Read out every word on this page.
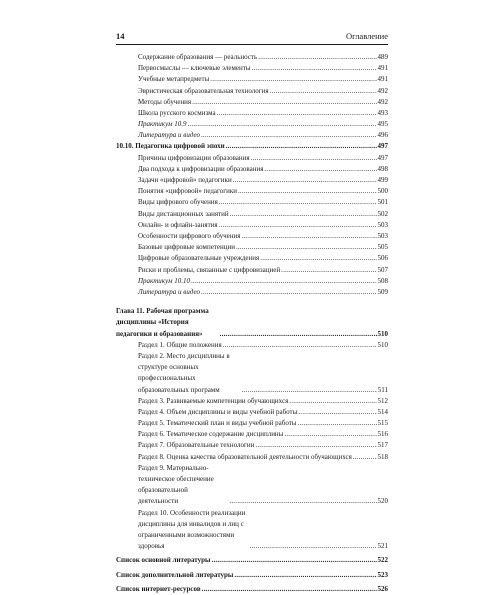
14	Оглавление
Содержание образования — реальность .....	489
Первосмыслы — ключевые элементы .....	491
Учебные метапредметы .....	491
Эвристическая образовательная технология .....	492
Методы обучения .....	492
Школа русского космизма .....	493
Практикум 10.9 .....	495
Литература и видео .....	496
10.10. Педагогика цифровой эпохи .....	497
Причины цифровизации образования .....	497
Два подхода к цифровизации образования .....	498
Задачи «цифровой» педагогики .....	499
Понятия «цифровой» педагогики .....	500
Виды цифрового обучения .....	501
Виды дистанционных занятий .....	502
Онлайн- и офлайн-занятия .....	503
Особенности цифрового обучения .....	503
Базовые цифровые компетенции .....	505
Цифровые образовательные учреждения .....	506
Риски и проблемы, связанные с цифровизацией .....	507
Практикум 10.10 .....	508
Литература и видео .....	509
Глава 11. Рабочая программа дисциплины «История педагогики и образования» .....	510
Раздел 1. Общие положения .....	510
Раздел 2. Место дисциплины в структуре основных профессиональных образовательных программ .....	511
Раздел 3. Развиваемые компетенции обучающихся .....	512
Раздел 4. Объем дисциплины и виды учебной работы .....	514
Раздел 5. Тематический план и виды учебной работы .....	515
Раздел 6. Тематическое содержание дисциплины .....	516
Раздел 7. Образовательные технологии .....	517
Раздел 8. Оценка качества образовательной деятельности обучающихся .....	518
Раздел 9. Материально-техническое обеспечение образовательной деятельности .....	520
Раздел 10. Особенности реализации дисциплины для инвалидов и лиц с ограниченными возможностями здоровья .....	521
Список основной литературы .....	522
Список дополнительной литературы .....	523
Список интернет-ресурсов .....	526
